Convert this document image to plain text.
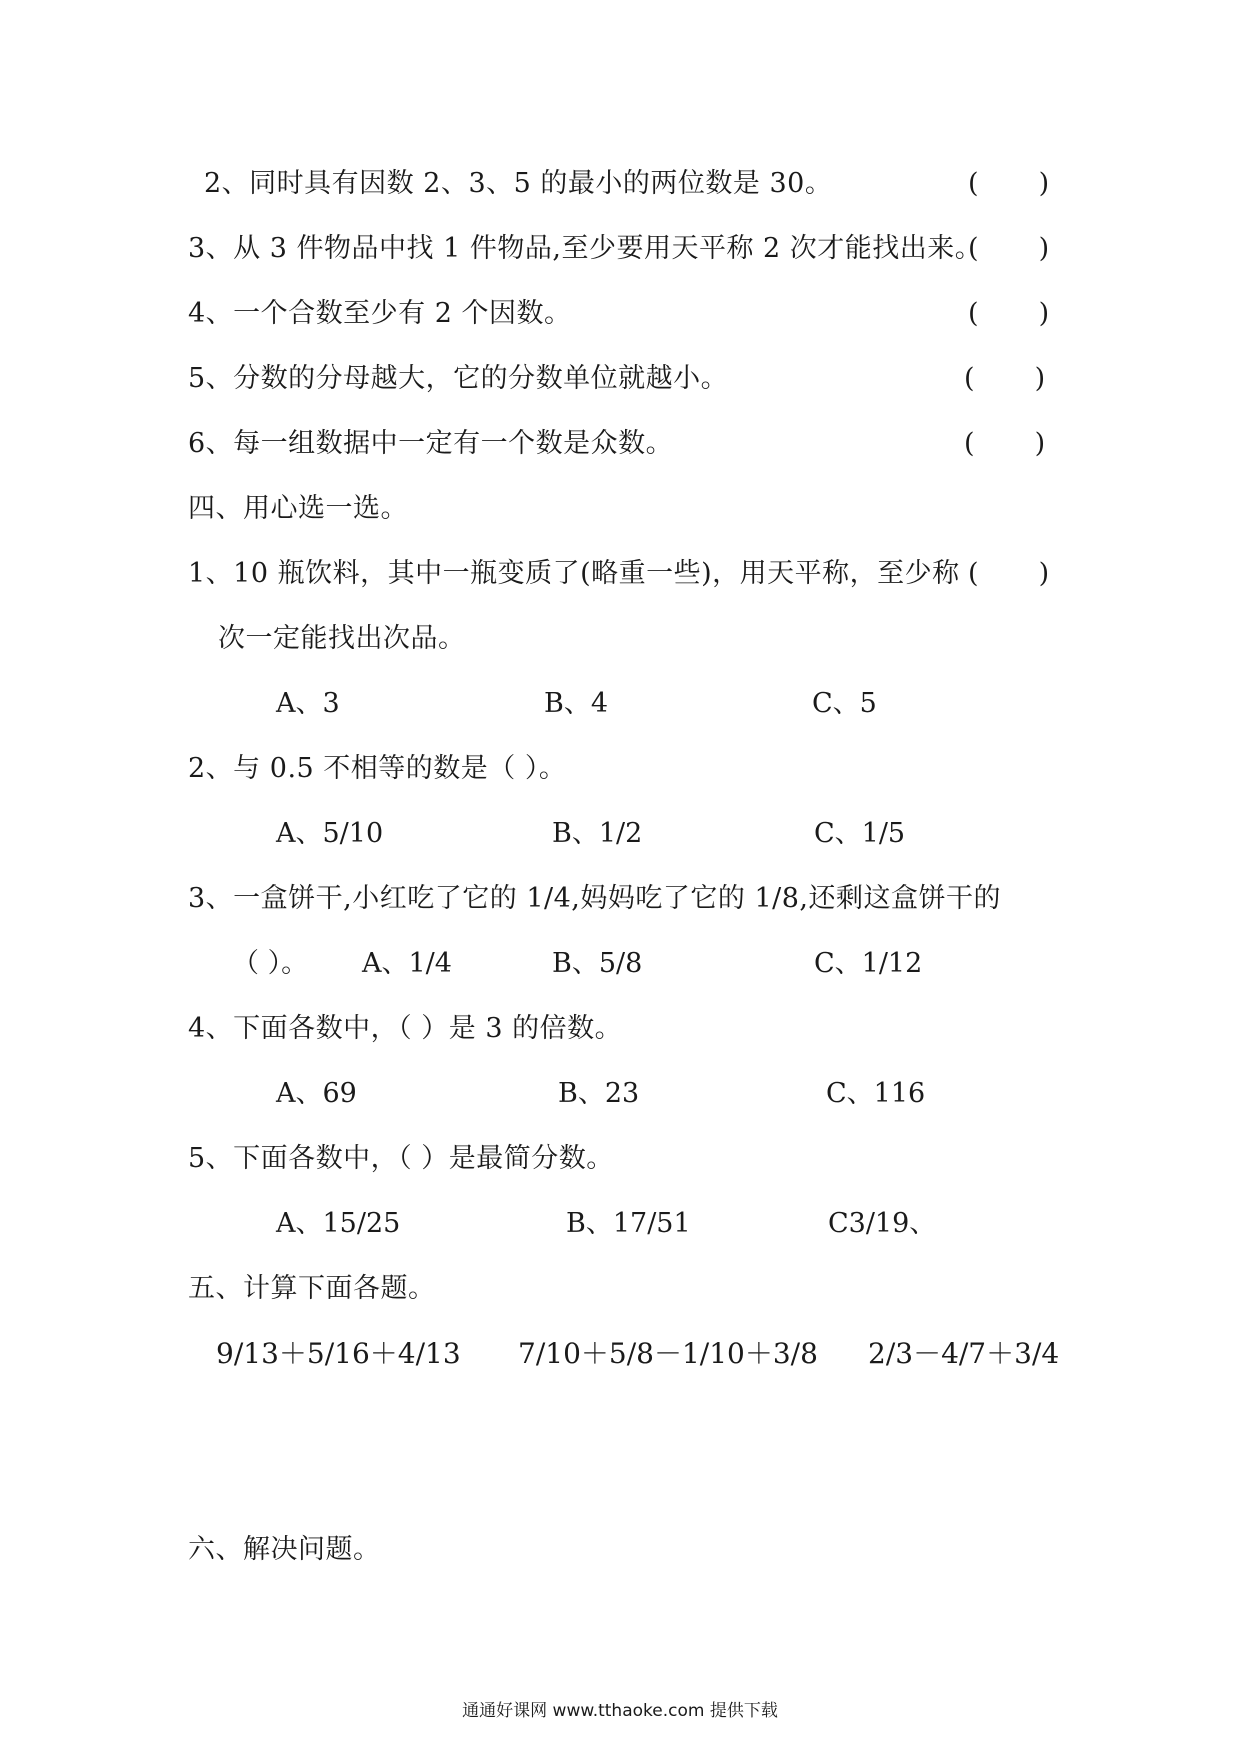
2、同时具有因数 2、3、5 的最小的两位数是 30。	(       )
3、从 3 件物品中找 1 件物品,至少要用天平称 2 次才能找出来。
(       )
4、一个合数至少有 2 个因数。	(       )
5、分数的分母越大，它的分数单位就越小。	(       )
6、每一组数据中一定有一个数是众数。	(       )
四、用心选一选。
1、10 瓶饮料，其中一瓶变质了(略重一些)，用天平称，至少称 (       )
次一定能找出次品。
A、3	B、4	C、5
2、与 0.5 不相等的数是（ ）。
A、5/10	B、1/2	C、1/5
3、一盒饼干,小红吃了它的 1/4,妈妈吃了它的 1/8,还剩这盒饼干的
（ ）。 A、1/4	B、5/8	C、1/12
4、下面各数中，（ ）是 3 的倍数。
A、69	B、23	C、116
5、下面各数中，（ ）是最简分数。
A、15/25	B、17/51	C3/19、
五、计算下面各题。
9/13＋5/16＋4/13 7/10＋5/8－1/10＋3/8 2/3－4/7＋3/4
六、解决问题。
通通好课网 www.tthaoke.com 提供下载
